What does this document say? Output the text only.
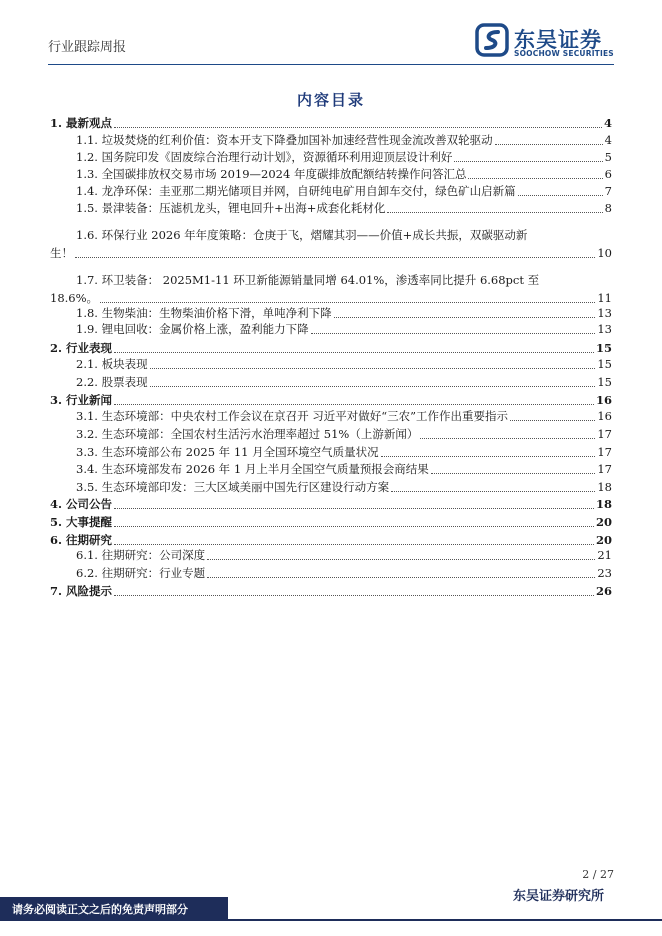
行业跟踪周报	东吴证券
SOOCHOW SECURITIES
内容目录
1. 最新观点	4
1.1. 垃圾焚烧的红利价值：资本开支下降叠加国补加速经营性现金流改善双轮驱动	4
1.2. 国务院印发《固废综合治理行动计划》，资源循环利用迎顶层设计利好	5
1.3. 全国碳排放权交易市场 2019—2024 年度碳排放配额结转操作问答汇总	6
1.4. 龙净环保：圭亚那二期光储项目并网，自研纯电矿用自卸车交付，绿色矿山启新篇	7
1.5. 景津装备：压滤机龙头，锂电回升+出海+成套化耗材化	8
1.6. 环保行业 2026 年年度策略：仓庚于飞，熠耀其羽——价值+成长共振，双碳驱动新
生！	10
1.7. 环卫装备： 2025M1-11 环卫新能源销量同增 64.01%，渗透率同比提升 6.68pct 至
18.6%。	11
1.8. 生物柴油：生物柴油价格下滑，单吨净利下降	13
1.9. 锂电回收：金属价格上涨，盈利能力下降	13
2. 行业表现	15
2.1. 板块表现	15
2.2. 股票表现	15
3. 行业新闻	16
3.1. 生态环境部：中央农村工作会议在京召开 习近平对做好“三农”工作作出重要指示	16
3.2. 生态环境部：全国农村生活污水治理率超过 51%（上游新闻）	17
3.3. 生态环境部公布 2025 年 11 月全国环境空气质量状况	17
3.4. 生态环境部发布 2026 年 1 月上半月全国空气质量预报会商结果	17
3.5. 生态环境部印发：三大区域美丽中国先行区建设行动方案	18
4. 公司公告	18
5. 大事提醒	20
6. 往期研究	20
6.1. 往期研究：公司深度	21
6.2. 往期研究：行业专题	23
7. 风险提示	26
2 / 27
东吴证券研究所
请务必阅读正文之后的免责声明部分
